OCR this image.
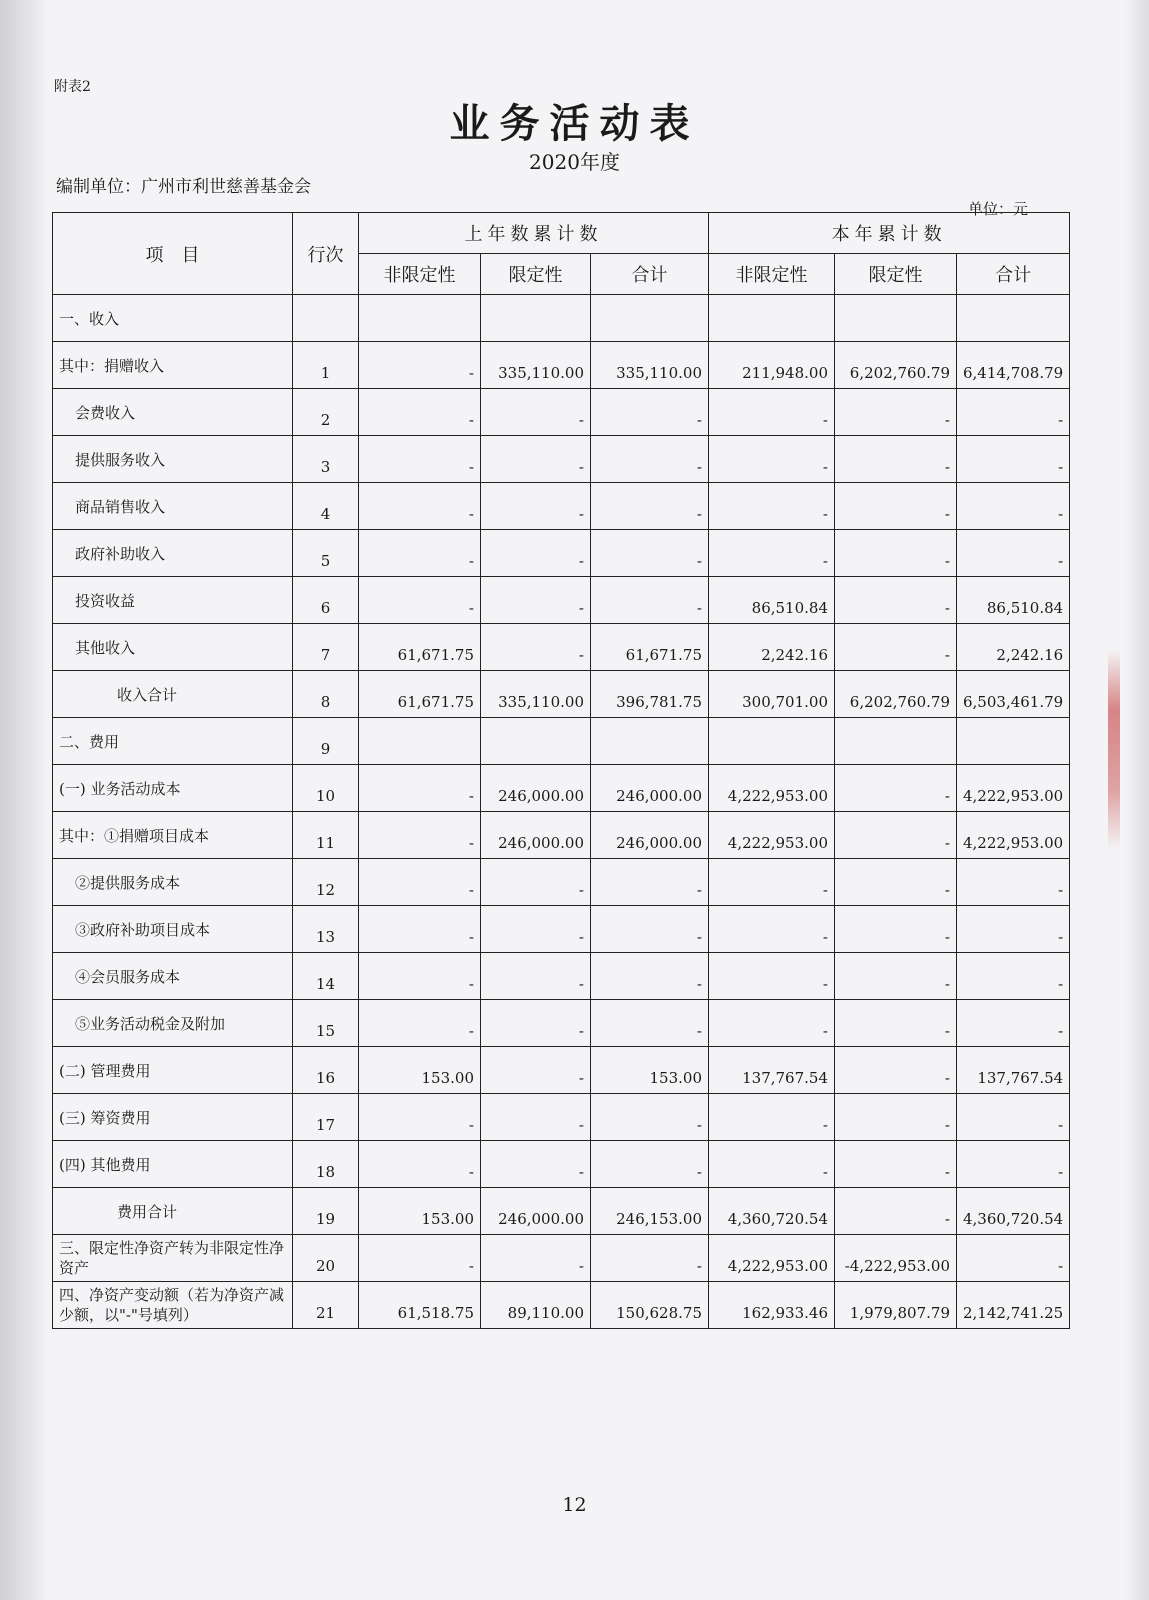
附表2
业务活动表
2020年度
编制单位：广州市利世慈善基金会
单位：元
项　目	行次	上年数累计数			本年累计数		
		非限定性	限定性	合计	非限定性	限定性	合计
一、收入							
其中：捐赠收入	1	-	335,110.00	335,110.00	211,948.00	6,202,760.79	6,414,708.79
会费收入	2	-	-	-	-	-	-
提供服务收入	3	-	-	-	-	-	-
商品销售收入	4	-	-	-	-	-	-
政府补助收入	5	-	-	-	-	-	-
投资收益	6	-	-	-	86,510.84	-	86,510.84
其他收入	7	61,671.75	-	61,671.75	2,242.16	-	2,242.16
收入合计	8	61,671.75	335,110.00	396,781.75	300,701.00	6,202,760.79	6,503,461.79
二、费用	9						
(一) 业务活动成本	10	-	246,000.00	246,000.00	4,222,953.00	-	4,222,953.00
其中：①捐赠项目成本	11	-	246,000.00	246,000.00	4,222,953.00	-	4,222,953.00
②提供服务成本	12	-	-	-	-	-	-
③政府补助项目成本	13	-	-	-	-	-	-
④会员服务成本	14	-	-	-	-	-	-
⑤业务活动税金及附加	15	-	-	-	-	-	-
(二) 管理费用	16	153.00	-	153.00	137,767.54	-	137,767.54
(三) 筹资费用	17	-	-	-	-	-	-
(四) 其他费用	18	-	-	-	-	-	-
费用合计	19	153.00	246,000.00	246,153.00	4,360,720.54	-	4,360,720.54
三、限定性净资产转为非限定性净资产	20	-	-	-	4,222,953.00	-4,222,953.00	-
四、净资产变动额（若为净资产减少额，以"-"号填列）	21	61,518.75	89,110.00	150,628.75	162,933.46	1,979,807.79	2,142,741.25
12
